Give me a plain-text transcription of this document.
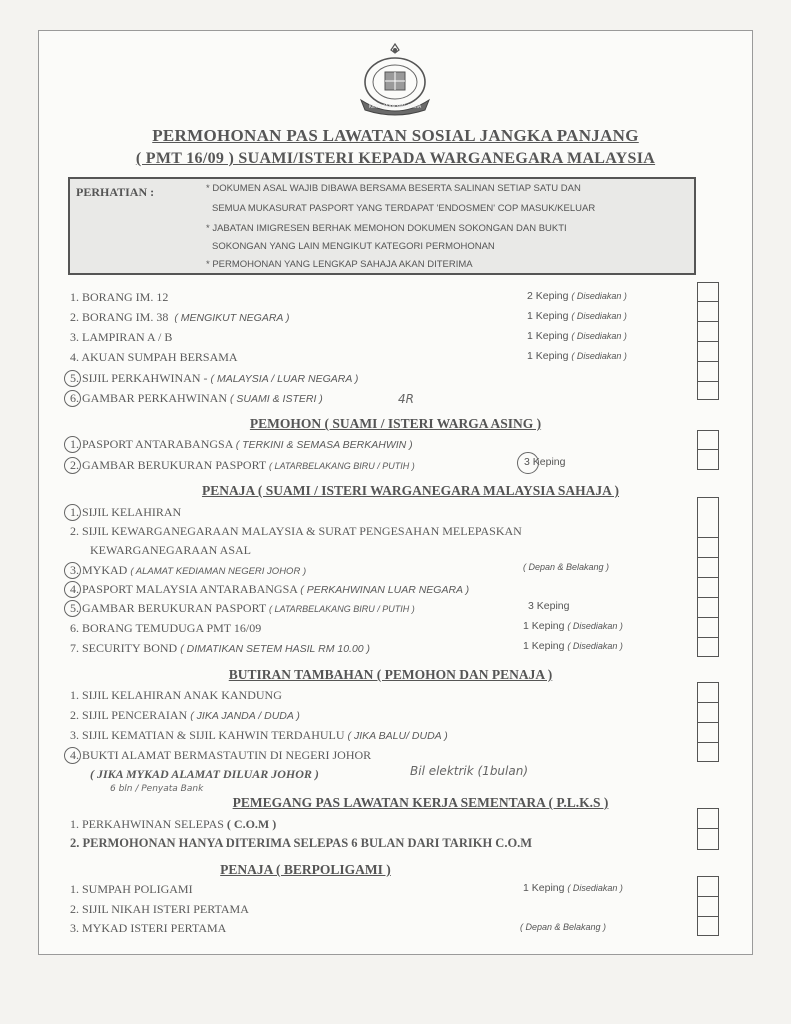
KERAJAAN MALAYSIA
PERMOHONAN PAS LAWATAN SOSIAL JANGKA PANJANG
( PMT 16/09 ) SUAMI/ISTERI KEPADA WARGANEGARA MALAYSIA
PERHATIAN :	* DOKUMEN ASAL WAJIB DIBAWA BERSAMA BESERTA SALINAN SETIAP SATU DAN
SEMUA MUKASURAT PASPORT YANG TERDAPAT 'ENDOSMEN' COP MASUK/KELUAR
* JABATAN IMIGRESEN BERHAK MEMOHON DOKUMEN SOKONGAN DAN BUKTI
SOKONGAN YANG LAIN MENGIKUT KATEGORI PERMOHONAN
* PERMOHONAN YANG LENGKAP SAHAJA AKAN DITERIMA
1. BORANG IM. 12	2 Keping ( Disediakan )
2. BORANG IM. 38 ( MENGIKUT NEGARA )	1 Keping ( Disediakan )
3. LAMPIRAN A / B	1 Keping ( Disediakan )
4. AKUAN SUMPAH BERSAMA	1 Keping ( Disediakan )
5. SIJIL PERKAHWINAN - ( MALAYSIA / LUAR NEGARA )
6. GAMBAR PERKAHWINAN ( SUAMI & ISTERI )	4R
PEMOHON ( SUAMI / ISTERI WARGA ASING )
1. PASPORT ANTARABANGSA ( TERKINI & SEMASA BERKAHWIN )
2. GAMBAR BERUKURAN PASPORT ( LATARBELAKANG BIRU / PUTIH )	3 Keping
PENAJA ( SUAMI / ISTERI WARGANEGARA MALAYSIA SAHAJA )
1. SIJIL KELAHIRAN
2. SIJIL KEWARGANEGARAAN MALAYSIA & SURAT PENGESAHAN MELEPASKAN
KEWARGANEGARAAN ASAL
3. MYKAD ( ALAMAT KEDIAMAN NEGERI JOHOR )	( Depan & Belakang )
4. PASPORT MALAYSIA ANTARABANGSA ( PERKAHWINAN LUAR NEGARA )
5. GAMBAR BERUKURAN PASPORT ( LATARBELAKANG BIRU / PUTIH )	3 Keping
6. BORANG TEMUDUGA PMT 16/09	1 Keping ( Disediakan )
7. SECURITY BOND ( DIMATIKAN SETEM HASIL RM 10.00 )	1 Keping ( Disediakan )
BUTIRAN TAMBAHAN ( PEMOHON DAN PENAJA )
1. SIJIL KELAHIRAN ANAK KANDUNG
2. SIJIL PENCERAIAN ( JIKA JANDA / DUDA )
3. SIJIL KEMATIAN & SIJIL KAHWIN TERDAHULU ( JIKA BALU/ DUDA )
4. BUKTI ALAMAT BERMASTAUTIN DI NEGERI JOHOR
( JIKA MYKAD ALAMAT DILUAR JOHOR )	Bil elektrik (1bulan)
6 bln / Penyata Bank
PEMEGANG PAS LAWATAN KERJA SEMENTARA ( P.L.K.S )
1. PERKAHWINAN SELEPAS ( C.O.M )
2. PERMOHONAN HANYA DITERIMA SELEPAS 6 BULAN DARI TARIKH C.O.M
PENAJA ( BERPOLIGAMI )
1. SUMPAH POLIGAMI	1 Keping ( Disediakan )
2. SIJIL NIKAH ISTERI PERTAMA
3. MYKAD ISTERI PERTAMA	( Depan & Belakang )
